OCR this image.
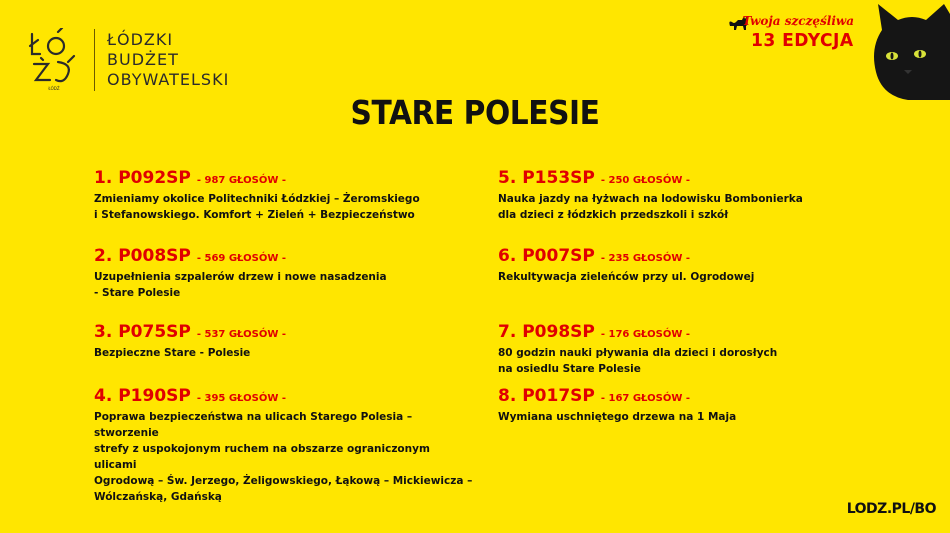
ŁÓDŹ
ŁÓDZKI
BUDŻET
OBYWATELSKI
Twoja szczęśliwa
13 EDYCJA
STARE POLESIE
1. P092SP - 987 GŁOSÓW -
Zmieniamy okolice Politechniki Łódzkiej – Żeromskiego
i Stefanowskiego. Komfort + Zieleń + Bezpieczeństwo
2. P008SP - 569 GŁOSÓW -
Uzupełnienia szpalerów drzew i nowe nasadzenia
- Stare Polesie
3. P075SP - 537 GŁOSÓW -
Bezpieczne Stare - Polesie
4. P190SP - 395 GŁOSÓW -
Poprawa bezpieczeństwa na ulicach Starego Polesia – stworzenie
strefy z uspokojonym ruchem na obszarze ograniczonym ulicami
Ogrodową – Św. Jerzego, Żeligowskiego, Łąkową – Mickiewicza –
Wólczańską, Gdańską
5. P153SP - 250 GŁOSÓW -
Nauka jazdy na łyżwach na lodowisku Bombonierka
dla dzieci z łódzkich przedszkoli i szkół
6. P007SP - 235 GŁOSÓW -
Rekultywacja zieleńców przy ul. Ogrodowej
7. P098SP - 176 GŁOSÓW -
80 godzin nauki pływania dla dzieci i dorosłych
na osiedlu Stare Polesie
8. P017SP - 167 GŁOSÓW -
Wymiana uschniętego drzewa na 1 Maja
LODZ.PL/BO
